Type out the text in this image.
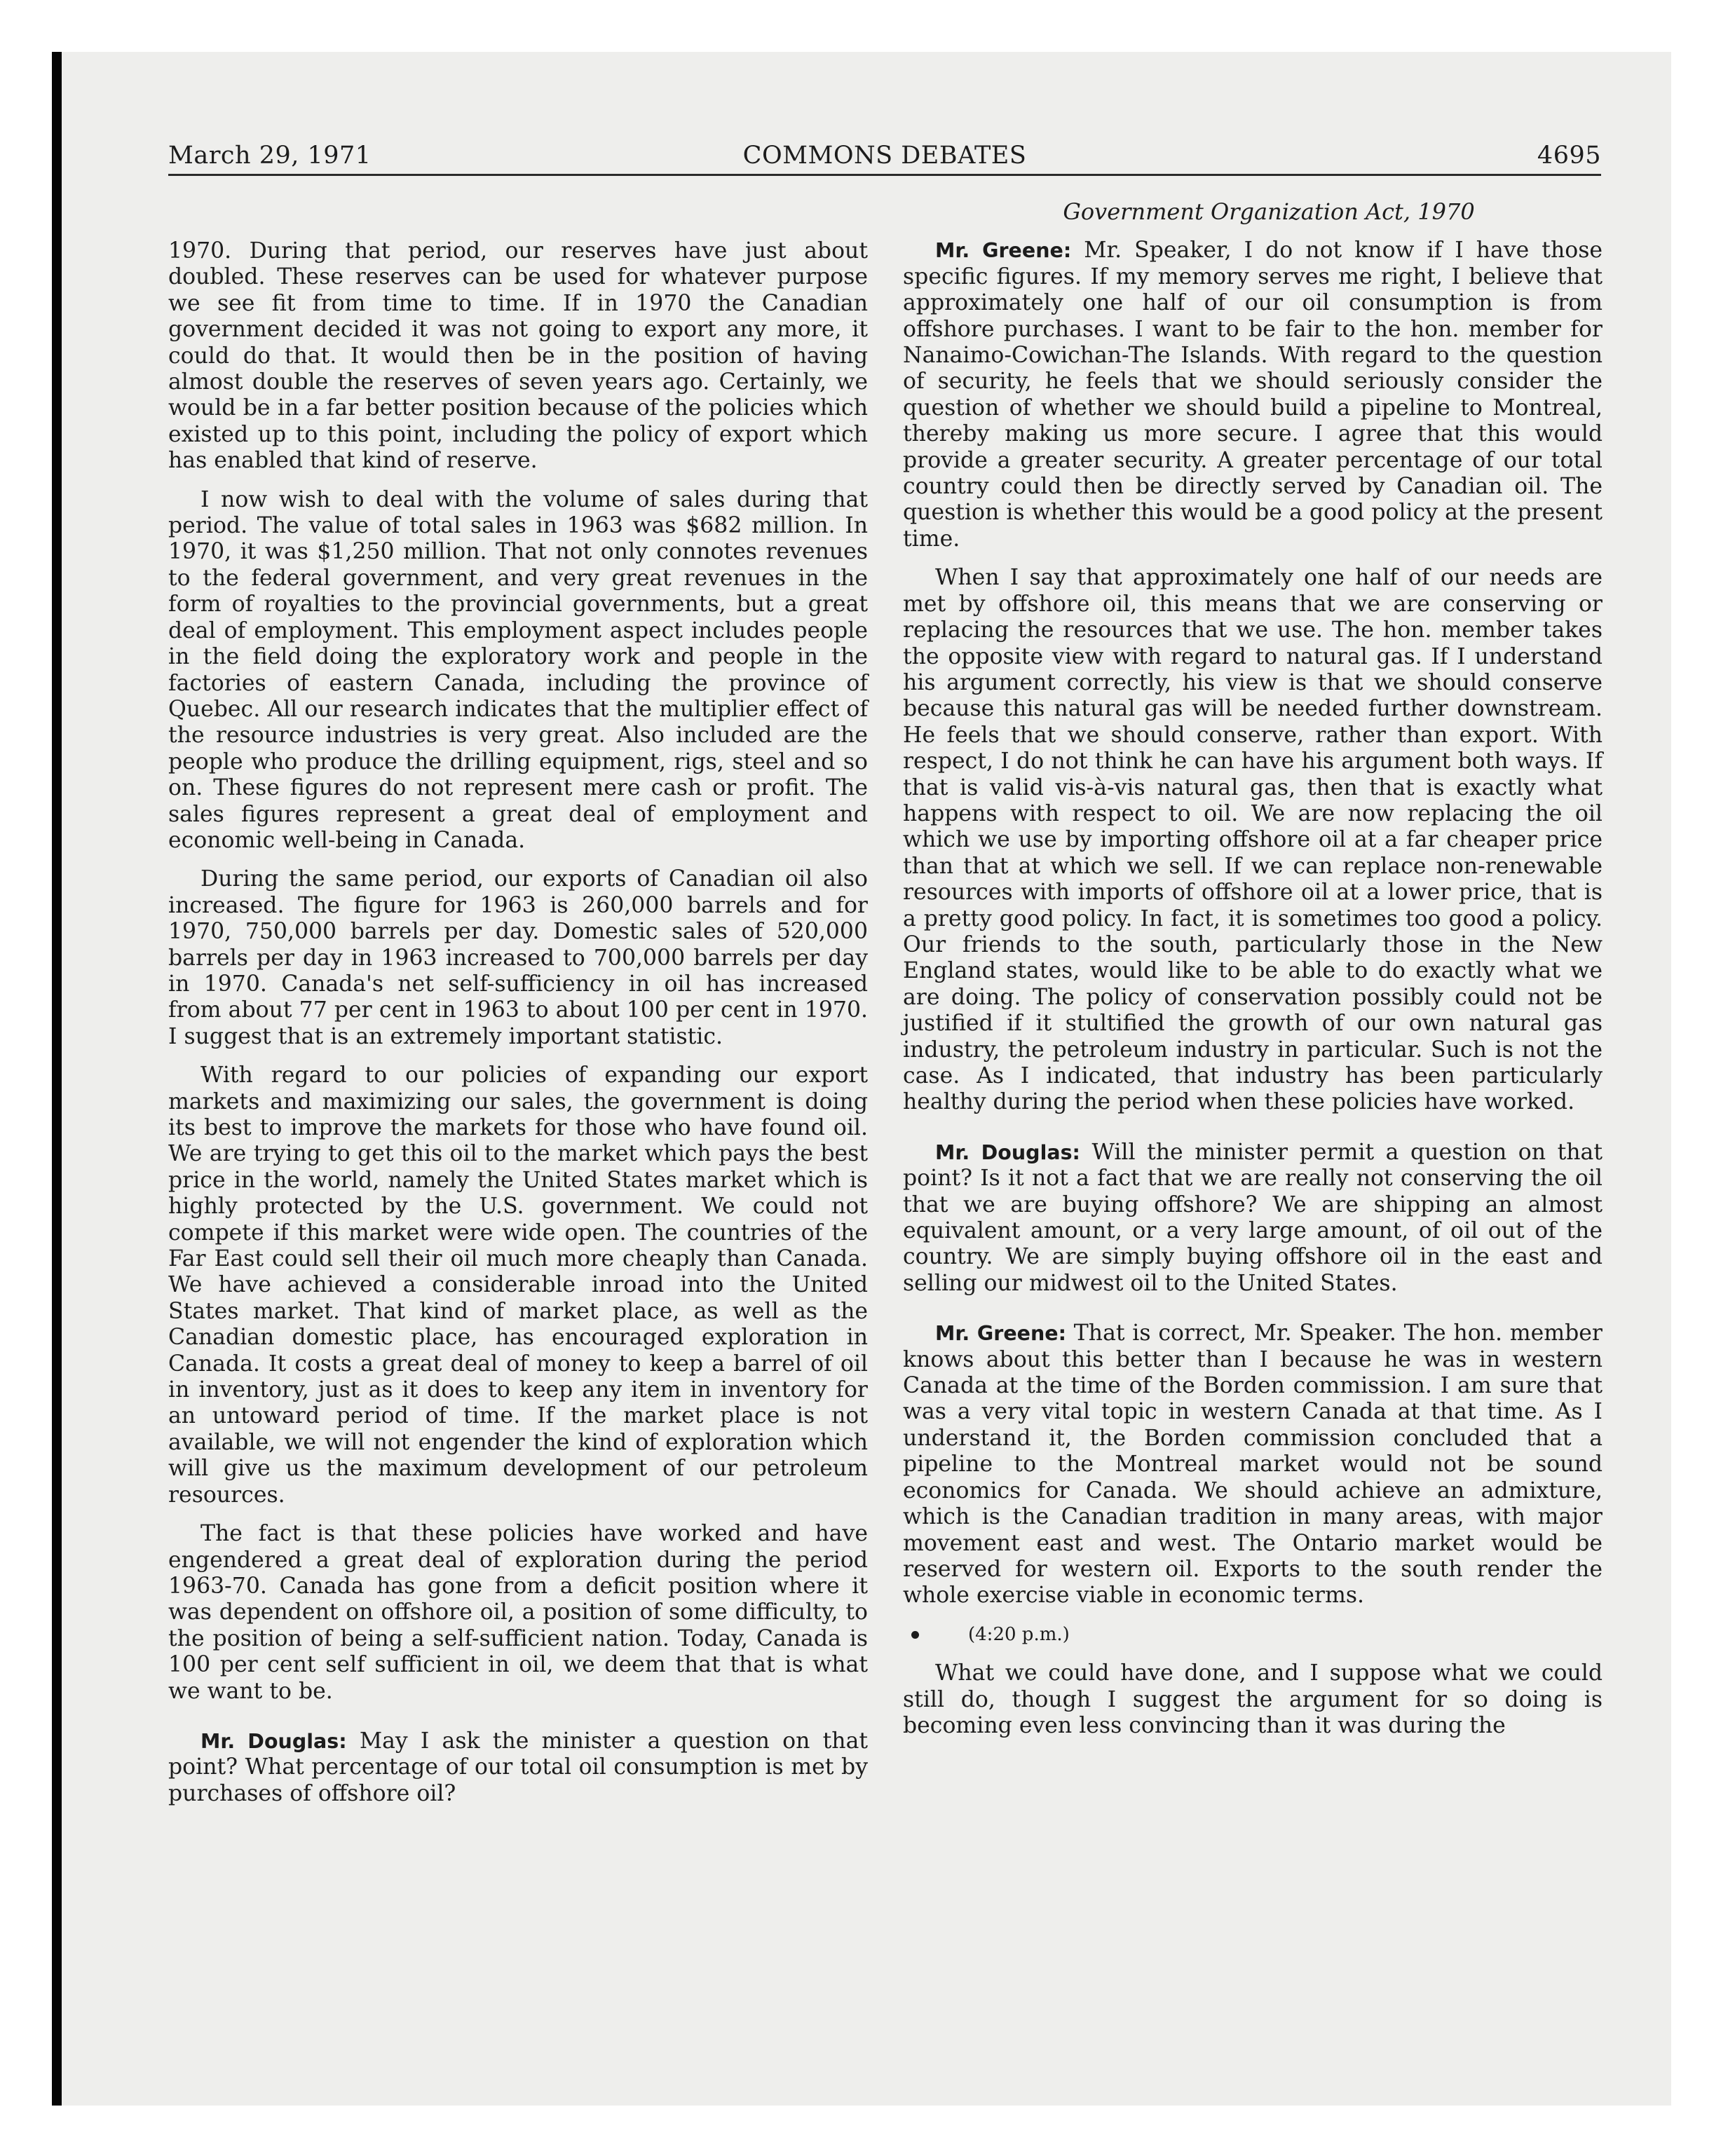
March 29, 1971	COMMONS DEBATES	4695

1970. During that period, our reserves have just about doubled. These reserves can be used for whatever purpose we see fit from time to time. If in 1970 the Canadian government decided it was not going to export any more, it could do that. It would then be in the position of having almost double the reserves of seven years ago. Certainly, we would be in a far better position because of the policies which existed up to this point, including the policy of export which has enabled that kind of reserve.

I now wish to deal with the volume of sales during that period. The value of total sales in 1963 was $682 million. In 1970, it was $1,250 million. That not only connotes revenues to the federal government, and very great revenues in the form of royalties to the provincial governments, but a great deal of employment. This employment aspect includes people in the field doing the exploratory work and people in the factories of eastern Canada, including the province of Quebec. All our research indicates that the multiplier effect of the resource industries is very great. Also included are the people who produce the drilling equipment, rigs, steel and so on. These figures do not represent mere cash or profit. The sales figures represent a great deal of employment and economic well-being in Canada.

During the same period, our exports of Canadian oil also increased. The figure for 1963 is 260,000 barrels and for 1970, 750,000 barrels per day. Domestic sales of 520,000 barrels per day in 1963 increased to 700,000 barrels per day in 1970. Canada's net self-sufficiency in oil has increased from about 77 per cent in 1963 to about 100 per cent in 1970. I suggest that is an extremely important statistic.

With regard to our policies of expanding our export markets and maximizing our sales, the government is doing its best to improve the markets for those who have found oil. We are trying to get this oil to the market which pays the best price in the world, namely the United States market which is highly protected by the U.S. government. We could not compete if this market were wide open. The countries of the Far East could sell their oil much more cheaply than Canada. We have achieved a considerable inroad into the United States market. That kind of market place, as well as the Canadian domestic place, has encouraged exploration in Canada. It costs a great deal of money to keep a barrel of oil in inventory, just as it does to keep any item in inventory for an untoward period of time. If the market place is not available, we will not engender the kind of exploration which will give us the maximum development of our petroleum resources.

The fact is that these policies have worked and have engendered a great deal of exploration during the period 1963-70. Canada has gone from a deficit position where it was dependent on offshore oil, a position of some difficulty, to the position of being a self-sufficient nation. Today, Canada is 100 per cent self sufficient in oil, we deem that that is what we want to be.

Mr. Douglas: May I ask the minister a question on that point? What percentage of our total oil consumption is met by purchases of offshore oil?

Government Organization Act, 1970

Mr. Greene: Mr. Speaker, I do not know if I have those specific figures. If my memory serves me right, I believe that approximately one half of our oil consumption is from offshore purchases. I want to be fair to the hon. member for Nanaimo-Cowichan-The Islands. With regard to the question of security, he feels that we should seriously consider the question of whether we should build a pipeline to Montreal, thereby making us more secure. I agree that this would provide a greater security. A greater percentage of our total country could then be directly served by Canadian oil. The question is whether this would be a good policy at the present time.

When I say that approximately one half of our needs are met by offshore oil, this means that we are conserving or replacing the resources that we use. The hon. member takes the opposite view with regard to natural gas. If I understand his argument correctly, his view is that we should conserve because this natural gas will be needed further downstream. He feels that we should conserve, rather than export. With respect, I do not think he can have his argument both ways. If that is valid vis-à-vis natural gas, then that is exactly what happens with respect to oil. We are now replacing the oil which we use by importing offshore oil at a far cheaper price than that at which we sell. If we can replace non-renewable resources with imports of offshore oil at a lower price, that is a pretty good policy. In fact, it is sometimes too good a policy. Our friends to the south, particularly those in the New England states, would like to be able to do exactly what we are doing. The policy of conservation possibly could not be justified if it stultified the growth of our own natural gas industry, the petroleum industry in particular. Such is not the case. As I indicated, that industry has been particularly healthy during the period when these policies have worked.

Mr. Douglas: Will the minister permit a question on that point? Is it not a fact that we are really not conserving the oil that we are buying offshore? We are shipping an almost equivalent amount, or a very large amount, of oil out of the country. We are simply buying offshore oil in the east and selling our midwest oil to the United States.

Mr. Greene: That is correct, Mr. Speaker. The hon. member knows about this better than I because he was in western Canada at the time of the Borden commission. I am sure that was a very vital topic in western Canada at that time. As I understand it, the Borden commission concluded that a pipeline to the Montreal market would not be sound economics for Canada. We should achieve an admixture, which is the Canadian tradition in many areas, with major movement east and west. The Ontario market would be reserved for western oil. Exports to the south render the whole exercise viable in economic terms.

(4:20 p.m.)

What we could have done, and I suppose what we could still do, though I suggest the argument for so doing is becoming even less convincing than it was during the
